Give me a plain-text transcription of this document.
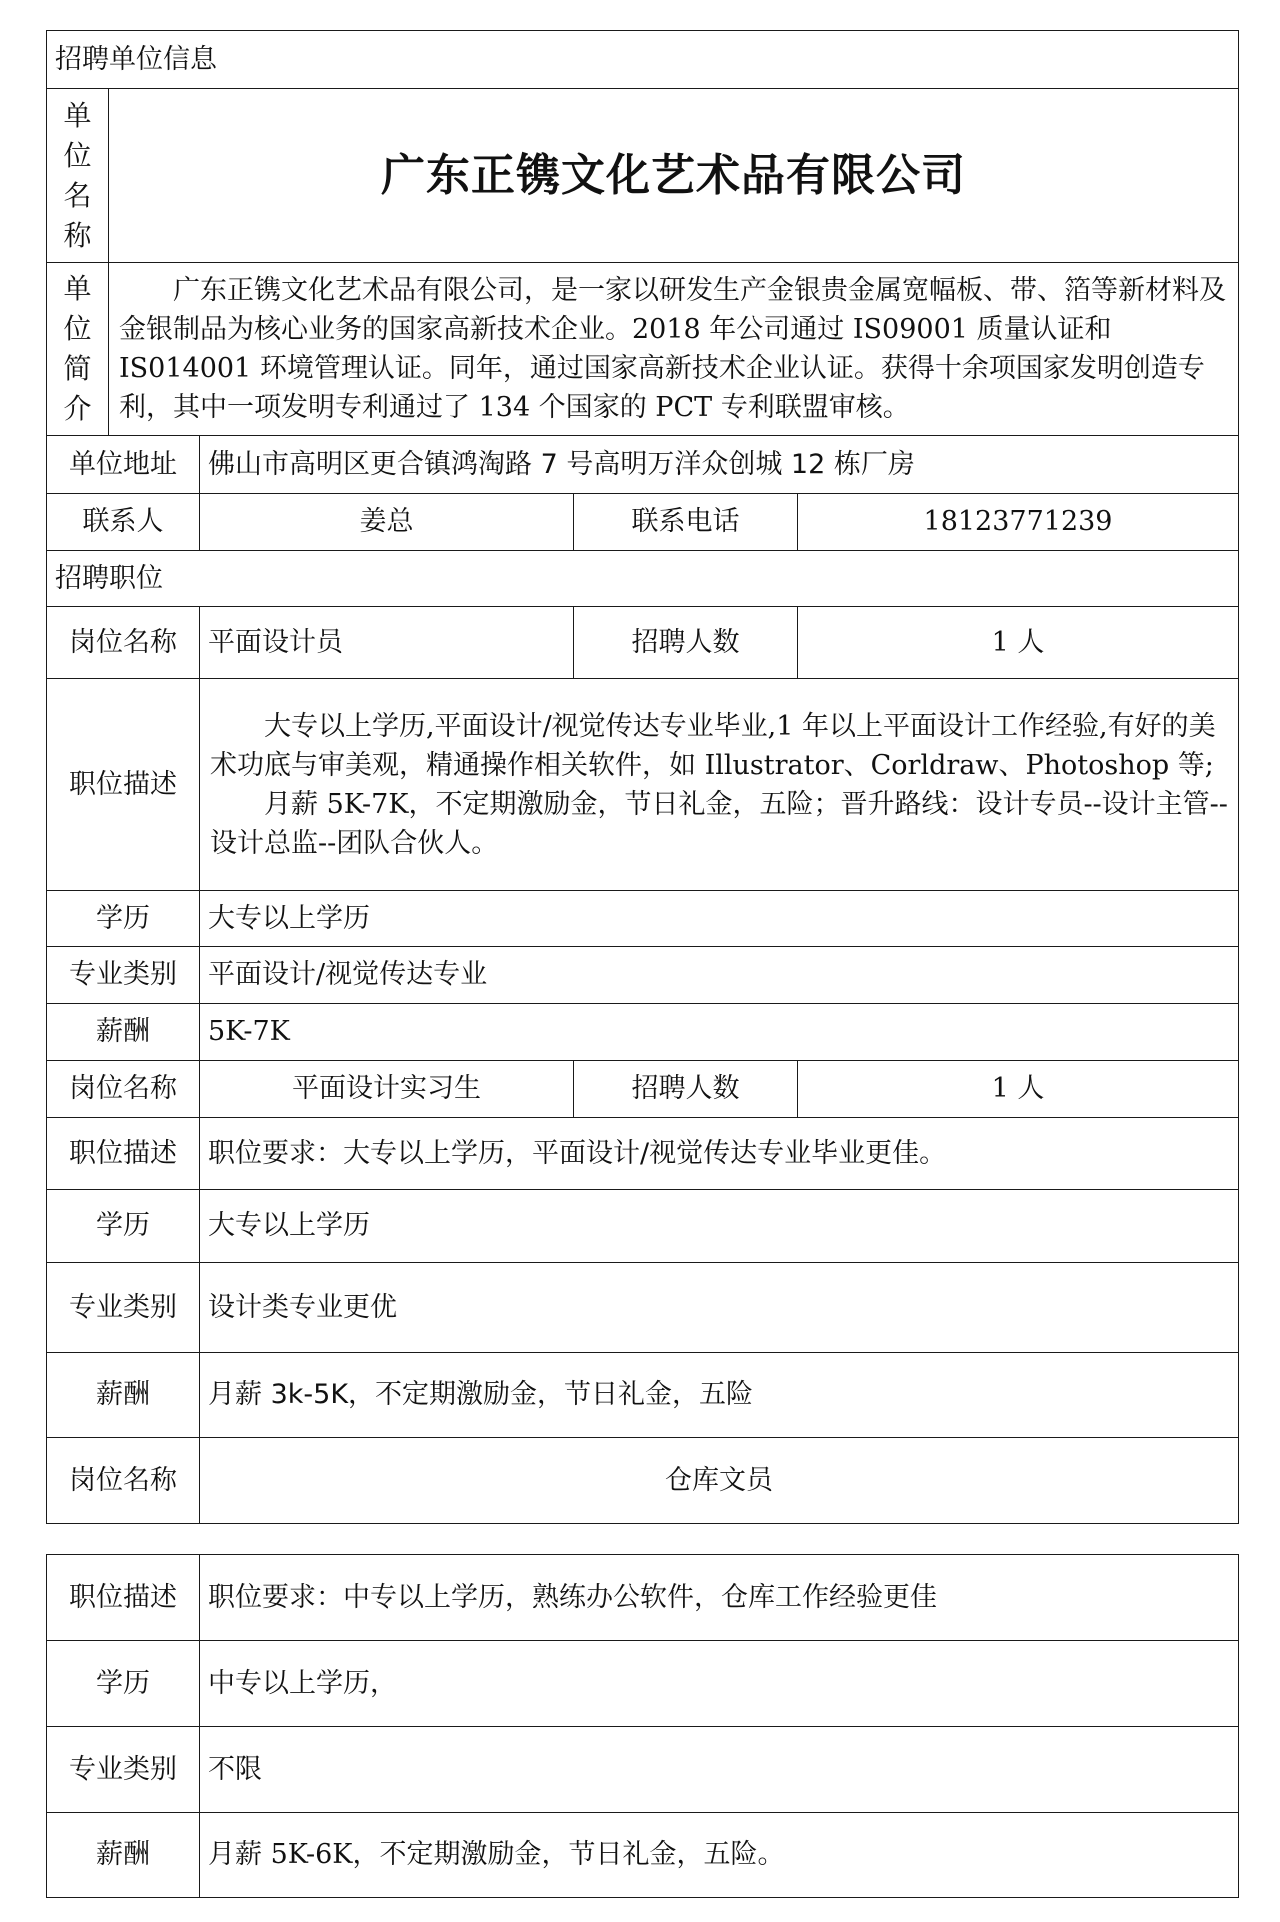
招聘单位信息				
单
位
名
称	广东正镌文化艺术品有限公司			
单
位
简
介	广东正镌文化艺术品有限公司，是一家以研发生产金银贵金属宽幅板、带、箔等新材料及金银制品为核心业务的国家高新技术企业。2018 年公司通过 IS09001 质量认证和 IS014001 环境管理认证。同年，通过国家高新技术企业认证。获得十余项国家发明创造专利，其中一项发明专利通过了 134 个国家的 PCT 专利联盟审核。			
单位地址		佛山市高明区更合镇鸿淘路 7 号高明万洋众创城 12 栋厂房		
联系人		姜总	联系电话	18123771239
招聘职位				
岗位名称		平面设计员	招聘人数	1 人
职位描述		大专以上学历,平面设计/视觉传达专业毕业,1 年以上平面设计工作经验,有好的美术功底与审美观，精通操作相关软件，如 Illustrator、Corldraw、Photoshop 等;

月薪 5K-7K，不定期激励金，节日礼金，五险；晋升路线：设计专员--设计主管--设计总监--团队合伙人。		

学历		大专以上学历		
专业类别		平面设计/视觉传达专业		
薪酬		5K-7K		
岗位名称		平面设计实习生	招聘人数	1 人
职位描述		职位要求：大专以上学历，平面设计/视觉传达专业毕业更佳。		
学历		大专以上学历		
专业类别		设计类专业更优		
薪酬		月薪 3k-5K，不定期激励金，节日礼金，五险		
岗位名称		仓库文员		
职位描述	职位要求：中专以上学历，熟练办公软件，仓库工作经验更佳
学历	中专以上学历，
专业类别	不限
薪酬	月薪 5K-6K，不定期激励金，节日礼金，五险。
